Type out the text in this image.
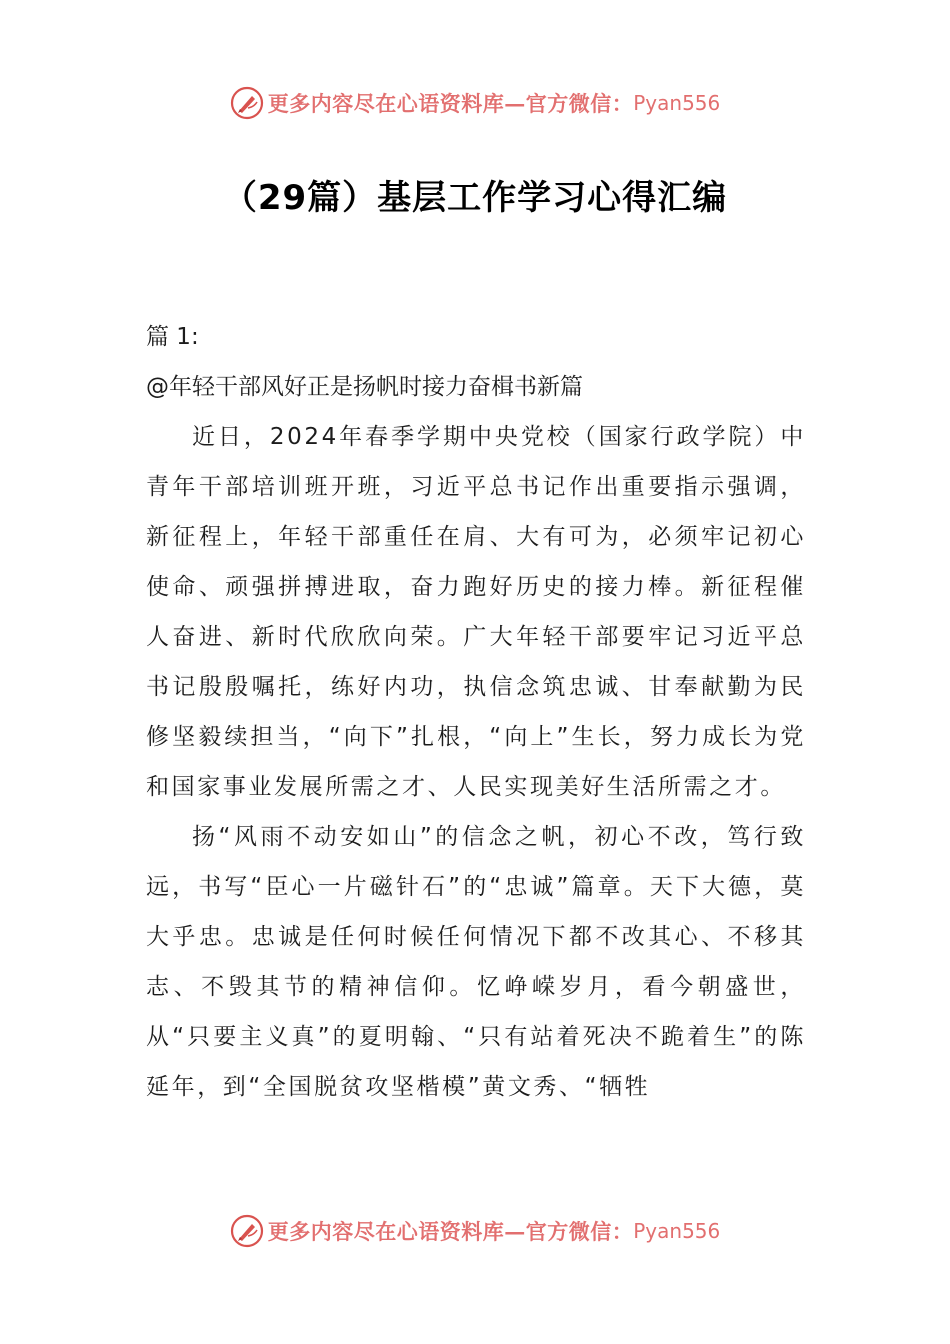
更多内容尽在心语资料库—官方微信： Pyan556
（29篇）基层工作学习心得汇编

篇 1:

@年轻干部风好正是扬帆时接力奋楫书新篇

近日，2024年春季学期中央党校（国家行政学院）中青年干部培训班开班，习近平总书记作出重要指示强调，新征程上，年轻干部重任在肩、大有可为，必须牢记初心使命、顽强拼搏进取，奋力跑好历史的接力棒。新征程催人奋进、新时代欣欣向荣。广大年轻干部要牢记习近平总书记殷殷嘱托，练好内功，执信念筑忠诚、甘奉献勤为民修坚毅续担当，“向下”扎根，“向上”生长，努力成长为党和国家事业发展所需之才、人民实现美好生活所需之才。

扬“风雨不动安如山”的信念之帆，初心不改，笃行致远，书写“臣心一片磁针石”的“忠诚”篇章。天下大德，莫大乎忠。忠诚是任何时候任何情况下都不改其心、不移其志、不毁其节的精神信仰。忆峥嵘岁月，看今朝盛世，从“只要主义真”的夏明翰、“只有站着死决不跪着生”的陈延年，到“全国脱贫攻坚楷模”黄文秀、“牺牲

更多内容尽在心语资料库—官方微信： Pyan556
